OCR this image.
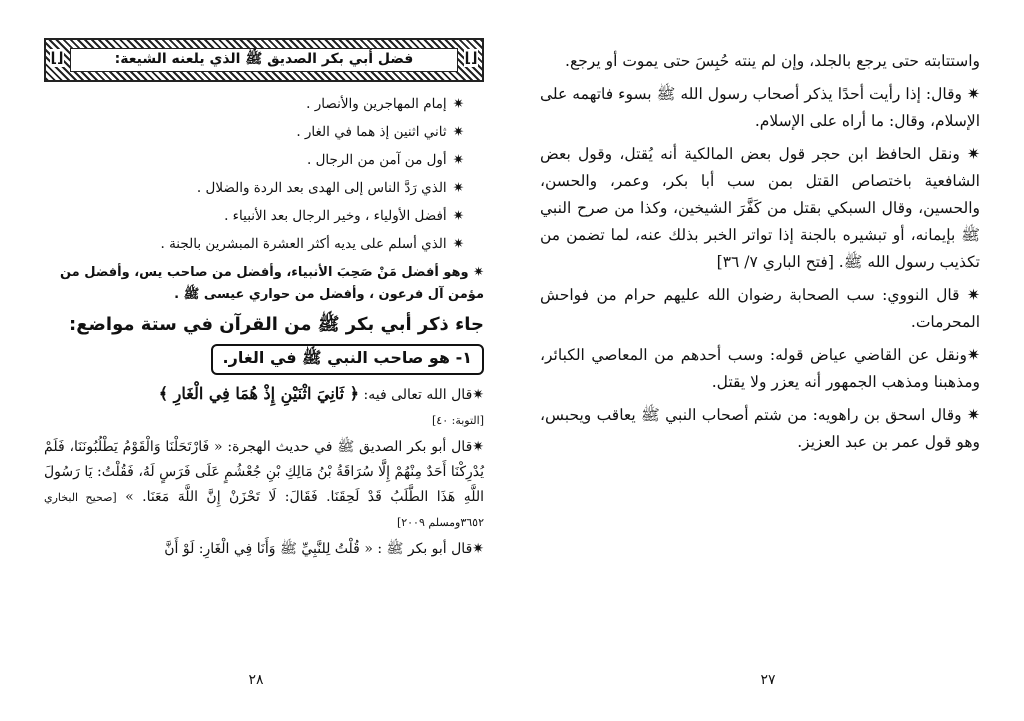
⌊⌋
فضل أبي بكر الصديق ﷺ الذي يلعنه الشيعة:
⌊⌋

✷إمام المهاجرين والأنصار .

✷ثاني اثنين إذ هما في الغار .

✷أول من آمن من الرجال .

✷الذي رَدَّ الناس إلى الهدى بعد الردة والضلال .

✷أفضل الأولياء ، وخير الرجال بعد الأنبياء .

✷الذي أسلم على يديه أكثر العشرة المبشرين بالجنة .

✷ وهو أفضل مَنْ صَحِبَ الأنبياء، وأفضل من صاحب يس، وأفضل من مؤمن آل فرعون ، وأفضل من حواري عيسى ﷺ .

جاء ذكر أبي بكر ﷺ من القرآن في ستة مواضع:

١- هو صاحب النبي ﷺ في الغار.

✷قال الله تعالى فيه: ﴿ ثَانِيَ اثْنَيْنِ إِذْ هُمَا فِي الْغَارِ ﴾
[التوبة: ٤٠]

✷قال أبو بكر الصديق ﷺ في حديث الهجرة: « فَارْتَحَلْنَا وَالْقَوْمُ يَطْلُبُونَنَا، فَلَمْ يُدْرِكْنَا أَحَدٌ مِنْهُمْ إِلَّا سُرَاقَةُ بْنُ مَالِكِ بْنِ جُعْشُمٍ عَلَى فَرَسٍ لَهُ، فَقُلْتُ: يَا رَسُولَ اللَّهِ هَذَا الطَّلَبُ قَدْ لَحِقَنَا. فَقَالَ: لَا تَحْزَنْ إِنَّ اللَّهَ مَعَنَا. » [صحيح البخاري ٣٦٥٢ومسلم ٢٠٠٩]

✷قال أبو بكر ﷺ : « قُلْتُ لِلنَّبِيِّ ﷺ وَأَنَا فِي الْغَارِ: لَوْ أَنَّ

٢٨

واستتابته حتى يرجع بالجلد، وإن لم ينته حُبِسَ حتى يموت أو يرجع.

✷ وقال: إذا رأيت أحدًا يذكر أصحاب رسول الله ﷺ بسوء فاتهمه على الإسلام، وقال: ما أراه على الإسلام.

✷ ونقل الحافظ ابن حجر قول بعض المالكية أنه يُقتل، وقول بعض الشافعية باختصاص القتل بمن سب أبا بكر، وعمر، والحسن، والحسين، وقال السبكي بقتل من كَفَّرَ الشيخين، وكذا من صرح النبي ﷺ بإيمانه، أو تبشيره بالجنة إذا تواتر الخبر بذلك عنه، لما تضمن من تكذيب رسول الله ﷺ. [فتح الباري ٧/ ٣٦]

✷ قال النووي: سب الصحابة رضوان الله عليهم حرام من فواحش المحرمات.

✷ونقل عن القاضي عياض قوله: وسب أحدهم من المعاصي الكبائر، ومذهبنا ومذهب الجمهور أنه يعزر ولا يقتل.

✷ وقال اسحق بن راهويه: من شتم أصحاب النبي ﷺ يعاقب ويحبس، وهو قول عمر بن عبد العزيز.

٢٧
